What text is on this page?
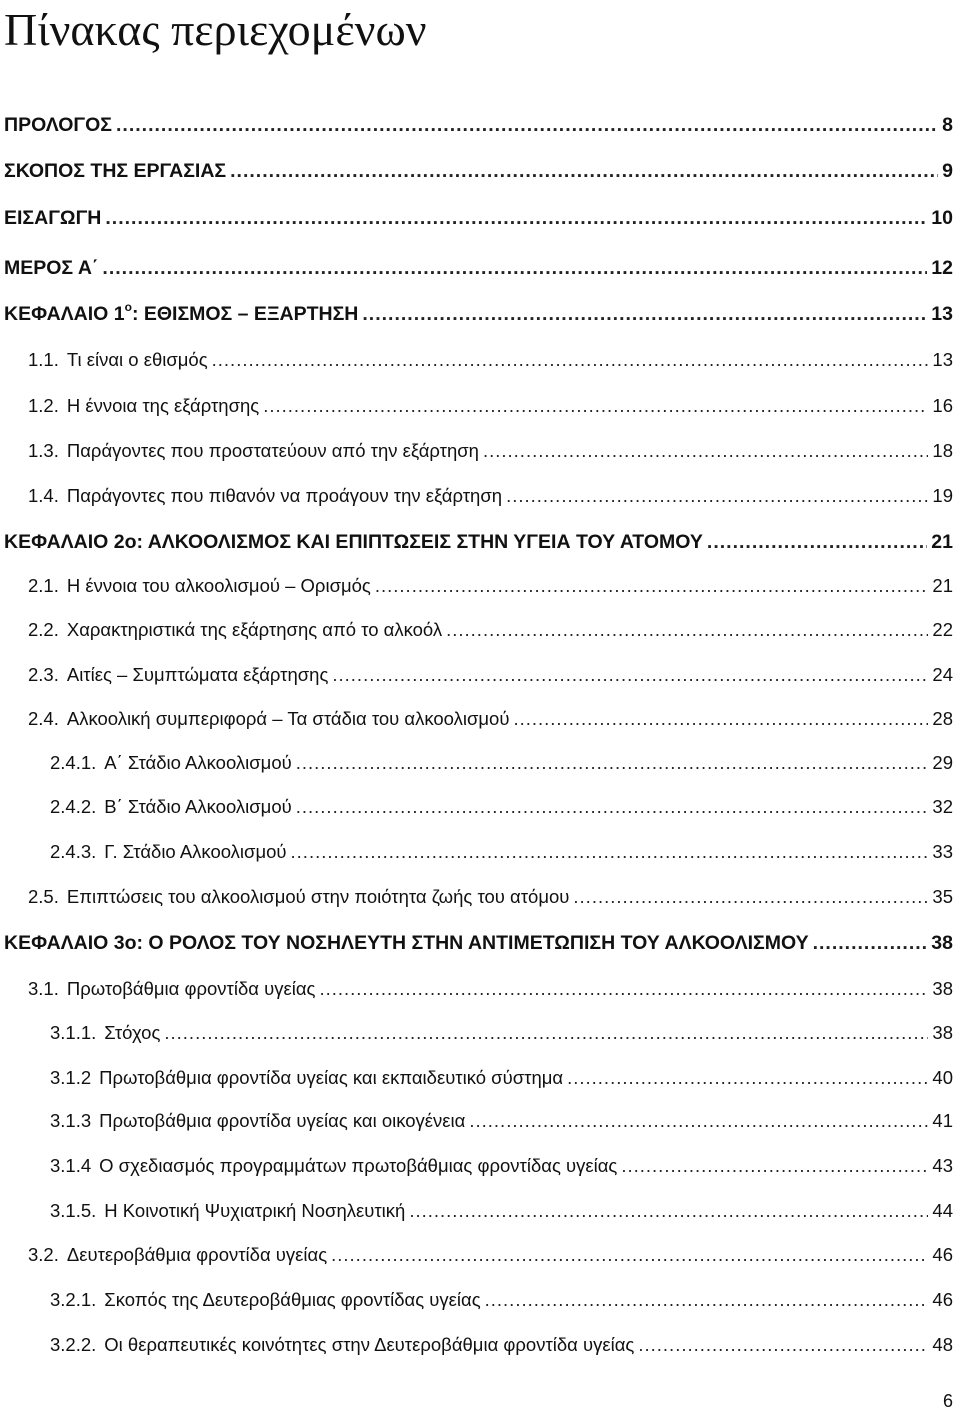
Πίνακας περιεχομένων
ΠΡΟΛΟΓΟΣ .....	8
ΣΚΟΠΟΣ ΤΗΣ ΕΡΓΑΣΙΑΣ .....	9
ΕΙΣΑΓΩΓΗ .....	10
ΜΕΡΟΣ Α΄ .....	12
ΚΕΦΑΛΑΙΟ $1^o$: ΕΘΙΣΜΟΣ – ΕΞΑΡΤΗΣΗ .....	13
1.1. Τι είναι ο εθισμός .....	13
1.2. Η έννοια της εξάρτησης .....	16
1.3. Παράγοντες που προστατεύουν από την εξάρτηση .....	18
1.4. Παράγοντες που πιθανόν να προάγουν την εξάρτηση .....	19
ΚΕΦΑΛΑΙΟ 2ο: ΑΛΚΟΟΛΙΣΜΟΣ ΚΑΙ ΕΠΙΠΤΩΣΕΙΣ ΣΤΗΝ ΥΓΕΙΑ ΤΟΥ ΑΤΟΜΟΥ .....	21
2.1. Η έννοια του αλκοολισμού – Ορισμός .....	21
2.2. Χαρακτηριστικά της εξάρτησης από το αλκοόλ .....	22
2.3. Αιτίες – Συμπτώματα εξάρτησης .....	24
2.4. Αλκοολική συμπεριφορά – Τα στάδια του αλκοολισμού .....	28
2.4.1. Α΄ Στάδιο Αλκοολισμού .....	29
2.4.2. Β΄ Στάδιο Αλκοολισμού .....	32
2.4.3. Γ. Στάδιο Αλκοολισμού .....	33
2.5. Επιπτώσεις του αλκοολισμού στην ποιότητα ζωής του ατόμου .....	35
ΚΕΦΑΛΑΙΟ 3ο: Ο ΡΟΛΟΣ ΤΟΥ ΝΟΣΗΛΕΥΤΗ ΣΤΗΝ ΑΝΤΙΜΕΤΩΠΙΣΗ ΤΟΥ ΑΛΚΟΟΛΙΣΜΟΥ .....	38
3.1. Πρωτοβάθμια φροντίδα υγείας .....	38
3.1.1. Στόχος .....	38
3.1.2 Πρωτοβάθμια φροντίδα υγείας και εκπαιδευτικό σύστημα .....	40
3.1.3 Πρωτοβάθμια φροντίδα υγείας και οικογένεια .....	41
3.1.4 Ο σχεδιασμός προγραμμάτων πρωτοβάθμιας φροντίδας υγείας .....	43
3.1.5. Η Κοινοτική Ψυχιατρική Νοσηλευτική .....	44
3.2. Δευτεροβάθμια φροντίδα υγείας .....	46
3.2.1. Σκοπός της Δευτεροβάθμιας φροντίδας υγείας .....	46
3.2.2. Οι θεραπευτικές κοινότητες στην Δευτεροβάθμια φροντίδα υγείας .....	48
6
